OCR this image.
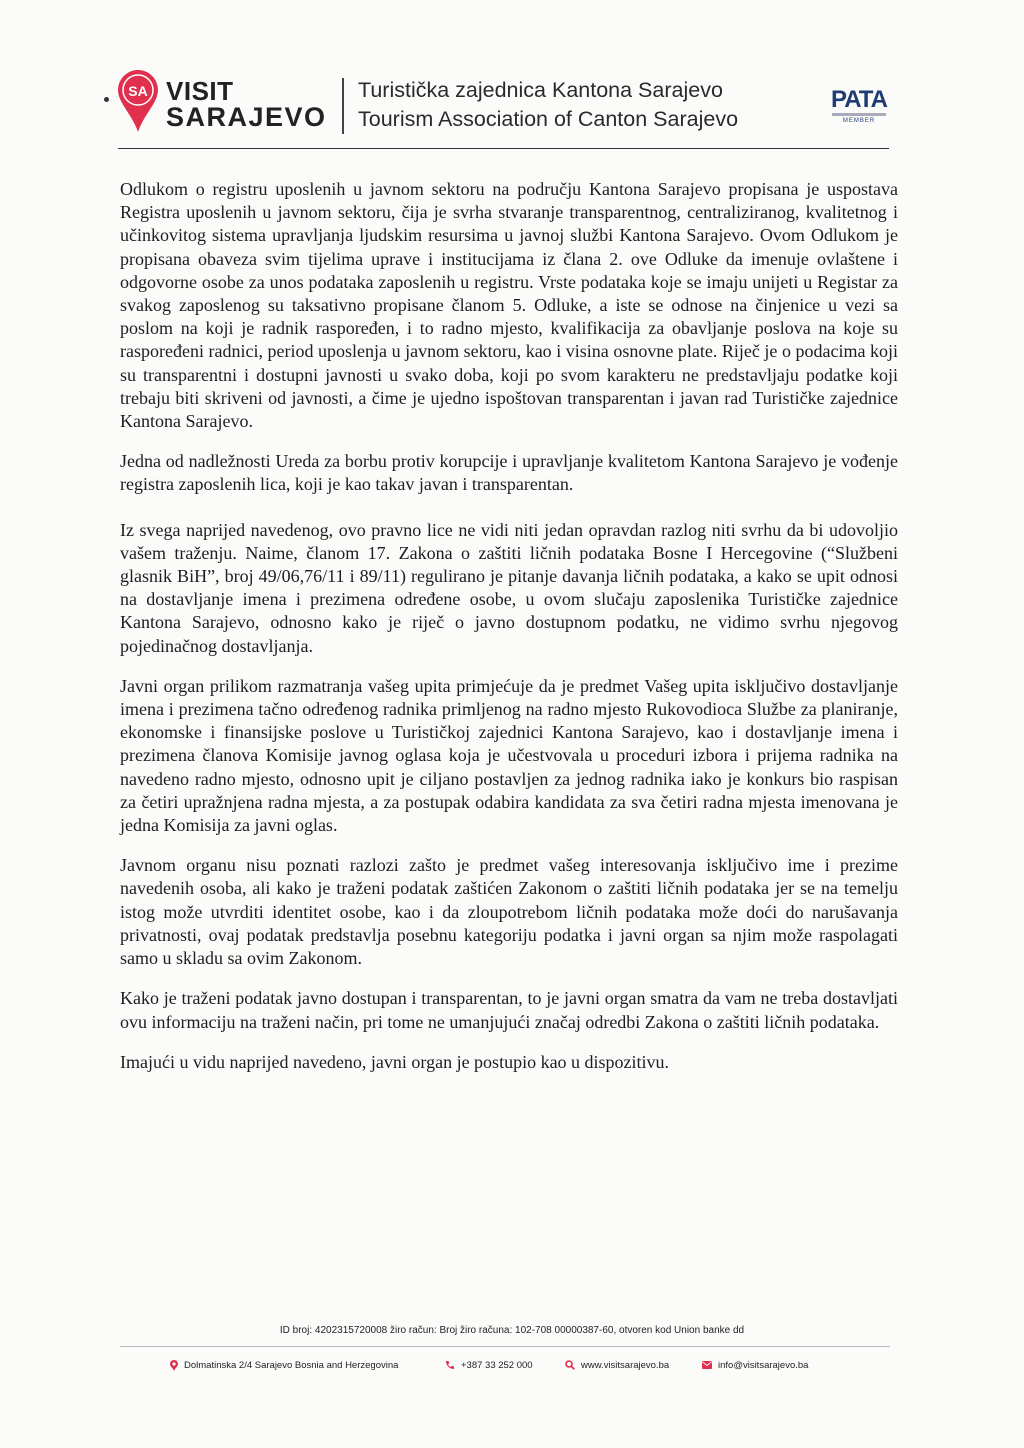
SA VISIT
SARAJEVO
Turistička zajednica Kantona Sarajevo
Tourism Association of Canton Sarajevo
PATA
MEMBER

Odlukom o registru uposlenih u javnom sektoru na području Kantona Sarajevo propisana je uspostava Registra uposlenih u javnom sektoru, čija je svrha stvaranje transparentnog, centraliziranog, kvalitetnog i učinkovitog sistema upravljanja ljudskim resursima u javnoj službi Kantona Sarajevo. Ovom Odlukom je propisana obaveza svim tijelima uprave i institucijama iz člana 2. ove Odluke da imenuje ovlaštene i odgovorne osobe za unos podataka zaposlenih u registru. Vrste podataka koje se imaju unijeti u Registar za svakog zaposlenog su taksativno propisane članom 5. Odluke, a iste se odnose na činjenice u vezi sa poslom na koji je radnik raspoređen, i to radno mjesto, kvalifikacija za obavljanje poslova na koje su raspoređeni radnici, period uposlenja u javnom sektoru, kao i visina osnovne plate. Riječ je o podacima koji su transparentni i dostupni javnosti u svako doba, koji po svom karakteru ne predstavljaju podatke koji trebaju biti skriveni od javnosti, a čime je ujedno ispoštovan transparentan i javan rad Turističke zajednice Kantona Sarajevo.

Jedna od nadležnosti Ureda za borbu protiv korupcije i upravljanje kvalitetom Kantona Sarajevo je vođenje registra zaposlenih lica, koji je kao takav javan i transparentan.

Iz svega naprijed navedenog, ovo pravno lice ne vidi niti jedan opravdan razlog niti svrhu da bi udovoljio vašem traženju. Naime, članom 17. Zakona o zaštiti ličnih podataka Bosne I Hercegovine (“Službeni glasnik BiH”, broj 49/06,76/11 i 89/11) regulirano je pitanje davanja ličnih podataka, a kako se upit odnosi na dostavljanje imena i prezimena određene osobe, u ovom slučaju zaposlenika Turističke zajednice Kantona Sarajevo, odnosno kako je riječ o javno dostupnom podatku, ne vidimo svrhu njegovog pojedinačnog dostavljanja.

Javni organ prilikom razmatranja vašeg upita primjećuje da je predmet Vašeg upita isključivo dostavljanje imena i prezimena tačno određenog radnika primljenog na radno mjesto Rukovodioca Službe za planiranje, ekonomske i finansijske poslove u Turističkoj zajednici Kantona Sarajevo, kao i dostavljanje imena i prezimena članova Komisije javnog oglasa koja je učestvovala u proceduri izbora i prijema radnika na navedeno radno mjesto, odnosno upit je ciljano postavljen za jednog radnika iako je konkurs bio raspisan za četiri upražnjena radna mjesta, a za postupak odabira kandidata za sva četiri radna mjesta imenovana je jedna Komisija za javni oglas.

Javnom organu nisu poznati razlozi zašto je predmet vašeg interesovanja isključivo ime i prezime navedenih osoba, ali kako je traženi podatak zaštićen Zakonom o zaštiti ličnih podataka jer se na temelju istog može utvrditi identitet osobe, kao i da zloupotrebom ličnih podataka može doći do narušavanja privatnosti, ovaj podatak predstavlja posebnu kategoriju podatka i javni organ sa njim može raspolagati samo u skladu sa ovim Zakonom.

Kako je traženi podatak javno dostupan i transparentan, to je javni organ smatra da vam ne treba dostavljati ovu informaciju na traženi način, pri tome ne umanjujući značaj odredbi Zakona o zaštiti ličnih podataka.

Imajući u vidu naprijed navedeno, javni organ je postupio kao u dispozitivu.

ID broj: 4202315720008 žiro račun: Broj žiro računa: 102-708 00000387-60, otvoren kod Union banke dd
Dolmatinska 2/4 Sarajevo Bosnia and Herzegovina	+387 33 252 000	www.visitsarajevo.ba	info@visitsarajevo.ba
